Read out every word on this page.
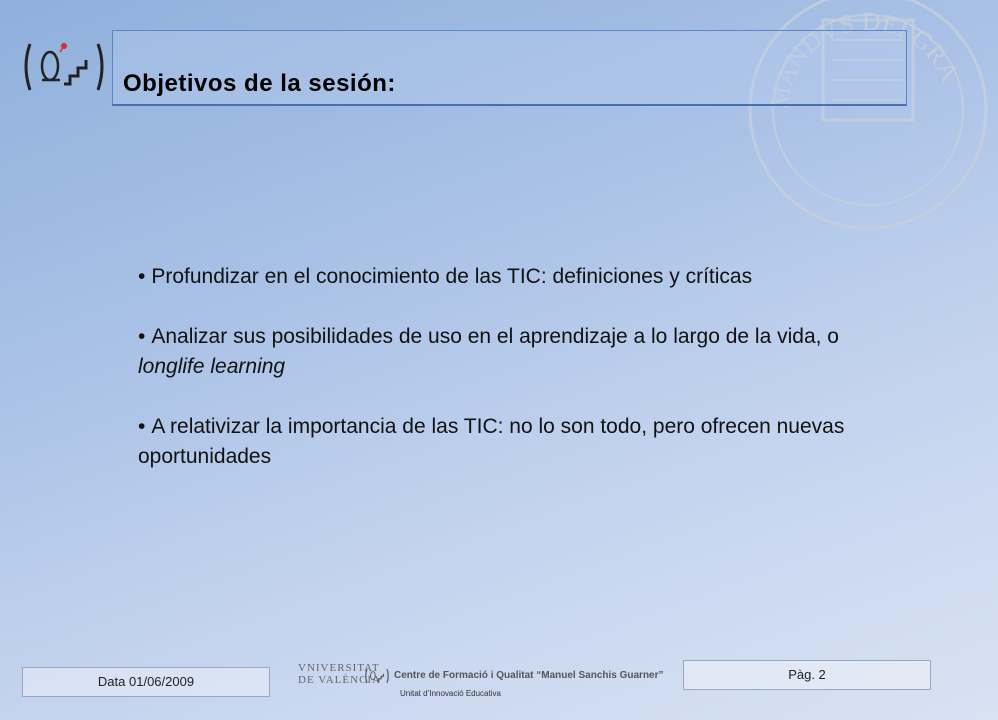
MANDVS DEI GRA
Objetivos de la sesión:

• Profundizar en el conocimiento de las TIC: definiciones y críticas

• Analizar sus posibilidades de uso en el aprendizaje a lo largo de la vida, o longlife learning

• A relativizar la importancia de las TIC: no lo son todo, pero ofrecen nuevas oportunidades

Data 01/06/2009
VNIVERSITAT
DE VALÈNCIA Centre de Formació i Qualitat “Manuel Sanchis Guarner”
Unitat d’Innovació Educativa
Pàg. 2
